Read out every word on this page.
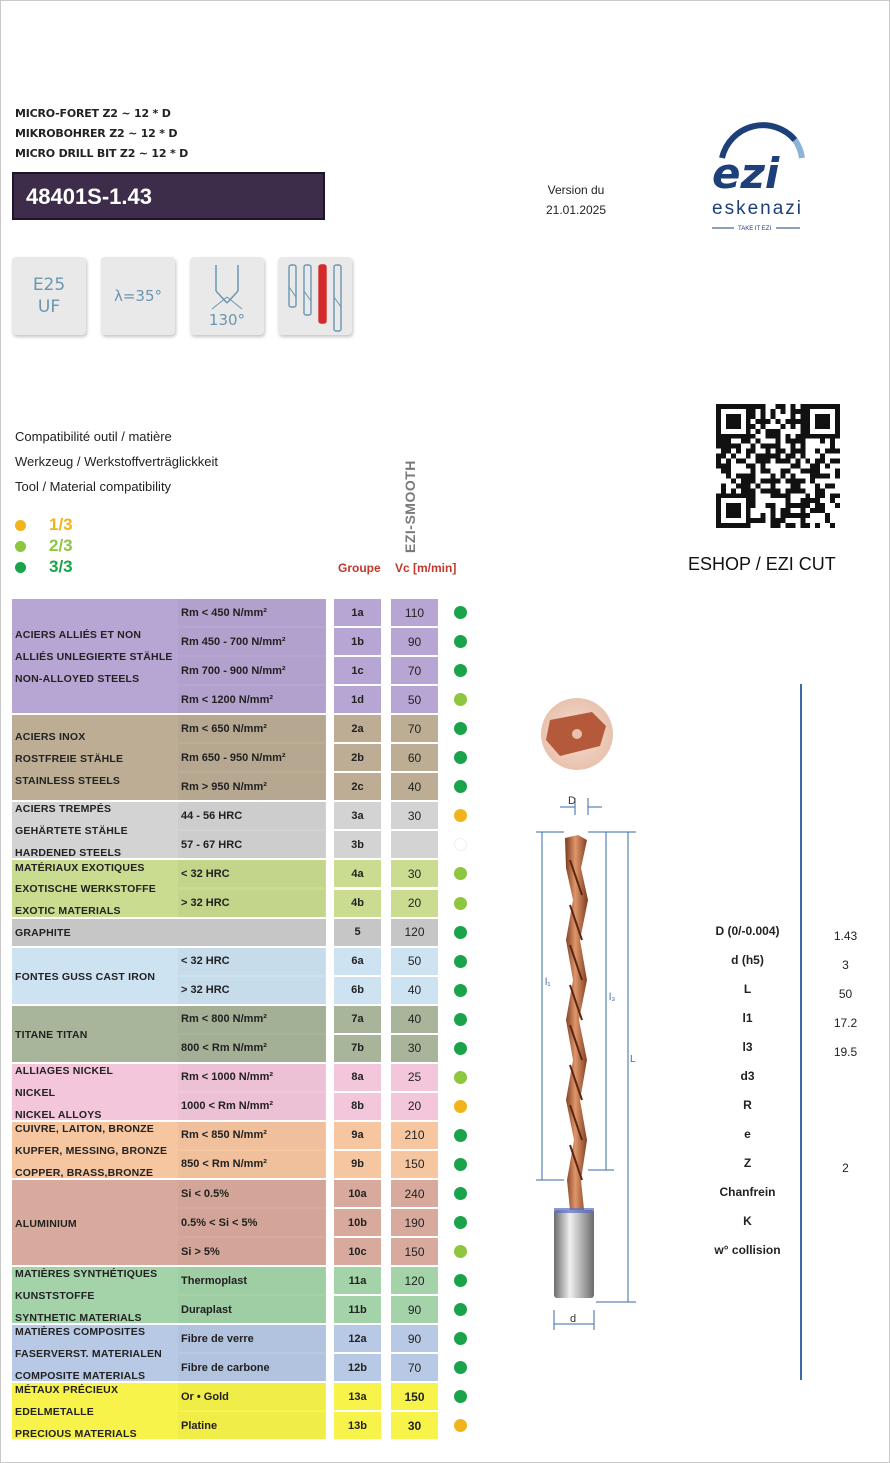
MICRO-FORET Z2 ~ 12 * D
MIKROBOHRER Z2 ~ 12 * D
MICRO DRILL BIT Z2 ~ 12 * D
48401S-1.43	Version du
21.01.2025
ezi
eskenazi
TAKE IT EZI
E25
UF
λ=35°
130°
Compatibilité outil / matière
Werkzeug / Werkstoffverträglickkeit
Tool / Material compatibility
1/3
2/3
3/3
EZI-SMOOTH
Groupe Vc [m/min]	ESHOP / EZI CUT
ACIERS ALLIÉS ET NON
ALLIÉS UNLEGIERTE STÄHLE
NON-ALLOYED STEELS
Rm < 450 N/mm²	1a	110
Rm 450 - 700 N/mm²	1b	90
Rm 700 - 900 N/mm²	1c	70
Rm < 1200 N/mm²	1d	50
ACIERS INOX
ROSTFREIE STÄHLE
STAINLESS STEELS
Rm < 650 N/mm²	2a	70
Rm 650 - 950 N/mm²	2b	60
Rm > 950 N/mm²	2c	40
ACIERS TREMPÉS
GEHÄRTETE STÄHLE
HARDENED STEELS
44 - 56 HRC	3a	30
57 - 67 HRC	3b
MATÉRIAUX EXOTIQUES
EXOTISCHE WERKSTOFFE
EXOTIC MATERIALS
< 32 HRC	4a	30
> 32 HRC	4b	20
GRAPHITE	5	120
FONTES GUSS CAST IRON
< 32 HRC	6a	50
> 32 HRC	6b	40
TITANE TITAN
Rm < 800 N/mm²	7a	40
800 < Rm N/mm²	7b	30
ALLIAGES NICKEL
NICKEL
NICKEL ALLOYS
Rm < 1000 N/mm²	8a	25
1000 < Rm N/mm²	8b	20
CUIVRE, LAITON, BRONZE
KUPFER, MESSING, BRONZE
COPPER, BRASS,BRONZE
Rm < 850 N/mm²	9a	210
850 < Rm N/mm²	9b	150
ALUMINIUM
Si < 0.5%	10a	240
0.5% < Si < 5%	10b	190
Si > 5%	10c	150
MATIÈRES SYNTHÉTIQUES
KUNSTSTOFFE
SYNTHETIC MATERIALS
Thermoplast	11a	120
Duraplast	11b	90
MATIÈRES COMPOSITES
FASERVERST. MATERIALEN
COMPOSITE MATERIALS
Fibre de verre	12a	90
Fibre de carbone	12b	70
MÉTAUX PRÉCIEUX
EDELMETALLE
PRECIOUS MATERIALS
Or • Gold	13a	150
Platine	13b	30
D
l₁
l₃
L
d
D (0/-0.004)	1.43
d (h5)	3
L	50
l1	17.2
l3	19.5
d3
R
e
Z	2
Chanfrein
K
w° collision
